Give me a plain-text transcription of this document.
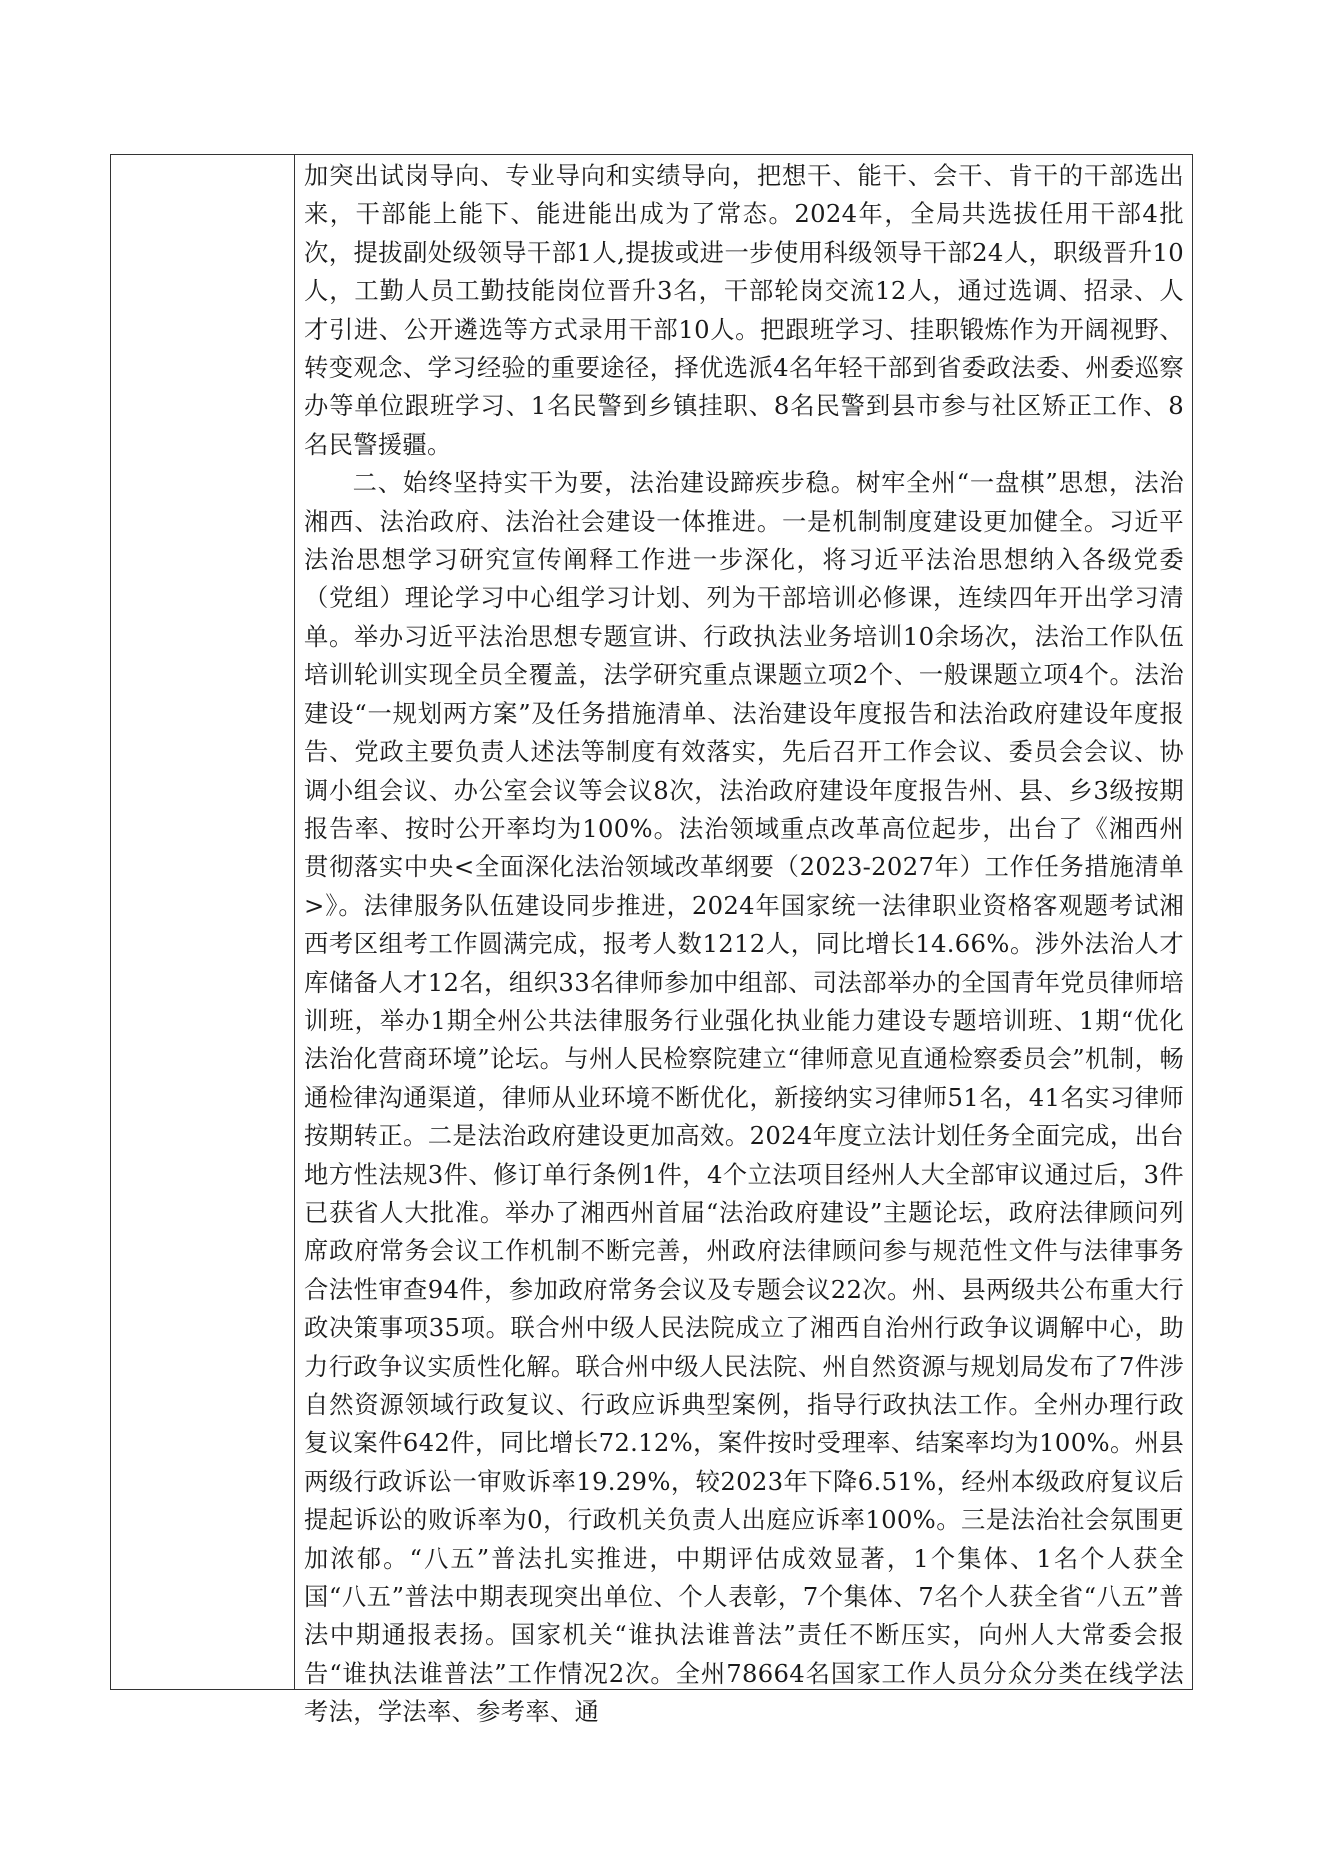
加突出试岗导向、专业导向和实绩导向，把想干、能干、会干、肯干的干部选出来，干部能上能下、能进能出成为了常态。2024年，全局共选拔任用干部4批次，提拔副处级领导干部1人,提拔或进一步使用科级领导干部24人，职级晋升10人，工勤人员工勤技能岗位晋升3名，干部轮岗交流12人，通过选调、招录、人才引进、公开遴选等方式录用干部10人。把跟班学习、挂职锻炼作为开阔视野、转变观念、学习经验的重要途径，择优选派4名年轻干部到省委政法委、州委巡察办等单位跟班学习、1名民警到乡镇挂职、8名民警到县市参与社区矫正工作、8名民警援疆。

二、始终坚持实干为要，法治建设蹄疾步稳。树牢全州“一盘棋”思想，法治湘西、法治政府、法治社会建设一体推进。一是机制制度建设更加健全。习近平法治思想学习研究宣传阐释工作进一步深化，将习近平法治思想纳入各级党委（党组）理论学习中心组学习计划、列为干部培训必修课，连续四年开出学习清单。举办习近平法治思想专题宣讲、行政执法业务培训10余场次，法治工作队伍培训轮训实现全员全覆盖，法学研究重点课题立项2个、一般课题立项4个。法治建设“一规划两方案”及任务措施清单、法治建设年度报告和法治政府建设年度报告、党政主要负责人述法等制度有效落实，先后召开工作会议、委员会会议、协调小组会议、办公室会议等会议8次，法治政府建设年度报告州、县、乡3级按期报告率、按时公开率均为100%。法治领域重点改革高位起步，出台了《湘西州贯彻落实中央<全面深化法治领域改革纲要（2023-2027年）工作任务措施清单>》。法律服务队伍建设同步推进，2024年国家统一法律职业资格客观题考试湘西考区组考工作圆满完成，报考人数1212人，同比增长14.66%。涉外法治人才库储备人才12名，组织33名律师参加中组部、司法部举办的全国青年党员律师培训班，举办1期全州公共法律服务行业强化执业能力建设专题培训班、1期“优化法治化营商环境”论坛。与州人民检察院建立“律师意见直通检察委员会”机制，畅通检律沟通渠道，律师从业环境不断优化，新接纳实习律师51名，41名实习律师按期转正。二是法治政府建设更加高效。2024年度立法计划任务全面完成，出台地方性法规3件、修订单行条例1件，4个立法项目经州人大全部审议通过后，3件已获省人大批准。举办了湘西州首届“法治政府建设”主题论坛，政府法律顾问列席政府常务会议工作机制不断完善，州政府法律顾问参与规范性文件与法律事务合法性审查94件，参加政府常务会议及专题会议22次。州、县两级共公布重大行政决策事项35项。联合州中级人民法院成立了湘西自治州行政争议调解中心，助力行政争议实质性化解。联合州中级人民法院、州自然资源与规划局发布了7件涉自然资源领域行政复议、行政应诉典型案例，指导行政执法工作。全州办理行政复议案件642件，同比增长72.12%，案件按时受理率、结案率均为100%。州县两级行政诉讼一审败诉率19.29%，较2023年下降6.51%，经州本级政府复议后提起诉讼的败诉率为0，行政机关负责人出庭应诉率100%。三是法治社会氛围更加浓郁。“八五”普法扎实推进，中期评估成效显著，1个集体、1名个人获全国“八五”普法中期表现突出单位、个人表彰，7个集体、7名个人获全省“八五”普法中期通报表扬。国家机关“谁执法谁普法”责任不断压实，向州人大常委会报告“谁执法谁普法”工作情况2次。全州78664名国家工作人员分众分类在线学法考法，学法率、参考率、通
